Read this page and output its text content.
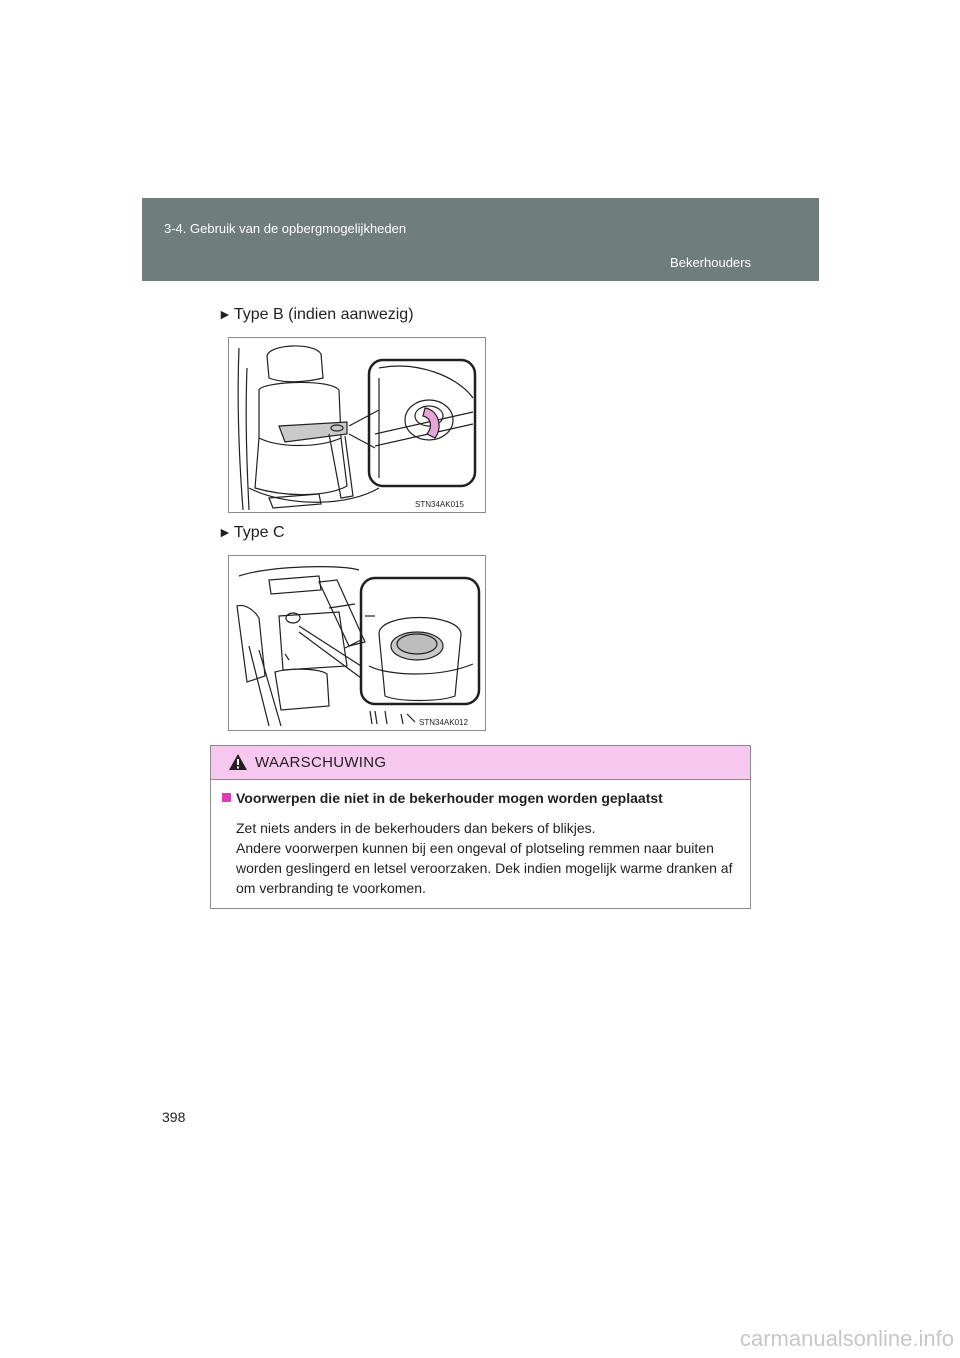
3-4. Gebruik van de opbergmogelijkheden
Bekerhouders
► Type B (indien aanwezig)
STN34AK015
► Type C
STN34AK012
WAARSCHUWING
Voorwerpen die niet in de bekerhouder mogen worden geplaatst

Zet niets anders in de bekerhouders dan bekers of blikjes.

Andere voorwerpen kunnen bij een ongeval of plotseling remmen naar buiten worden geslingerd en letsel veroorzaken. Dek indien mogelijk warme dranken af om verbranding te voorkomen.

398
carmanualsonline.info
